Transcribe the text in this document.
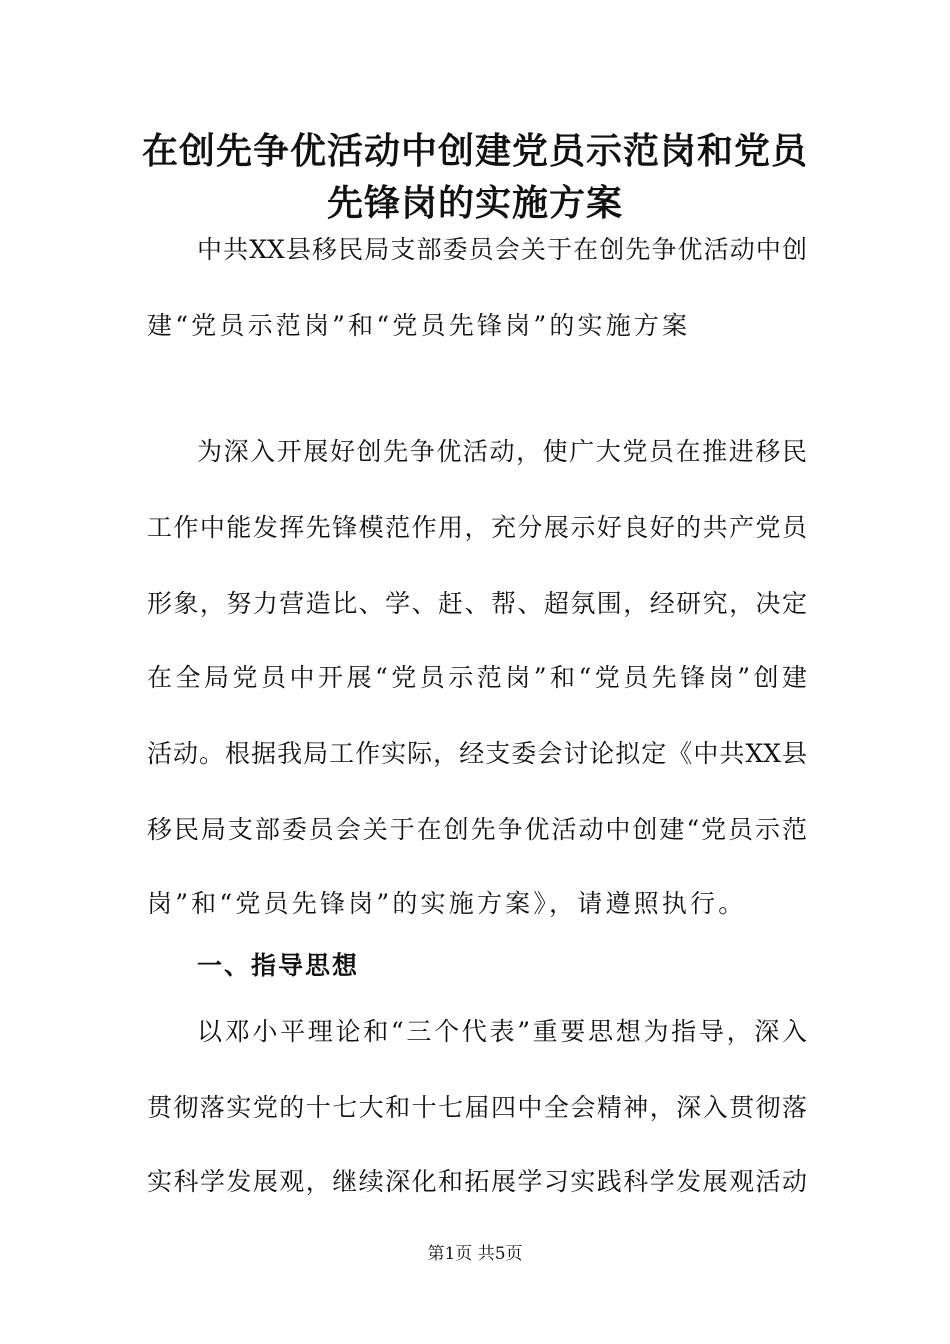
在创先争优活动中创建党员示范岗和党员
先锋岗的实施方案
中共XX县移民局支部委员会关于在创先争优活动中创
建“党员示范岗”和“党员先锋岗”的实施方案
为深入开展好创先争优活动，使广大党员在推进移民
工作中能发挥先锋模范作用，充分展示好良好的共产党员
形象，努力营造比、学、赶、帮、超氛围，经研究，决定
在全局党员中开展“党员示范岗”和“党员先锋岗”创建
活动。根据我局工作实际，经支委会讨论拟定《中共XX县
移民局支部委员会关于在创先争优活动中创建“党员示范
岗”和“党员先锋岗”的实施方案》，请遵照执行。
一、指导思想
以邓小平理论和“三个代表”重要思想为指导，深入
贯彻落实党的十七大和十七届四中全会精神，深入贯彻落
实科学发展观，继续深化和拓展学习实践科学发展观活动
第1页 共5页
